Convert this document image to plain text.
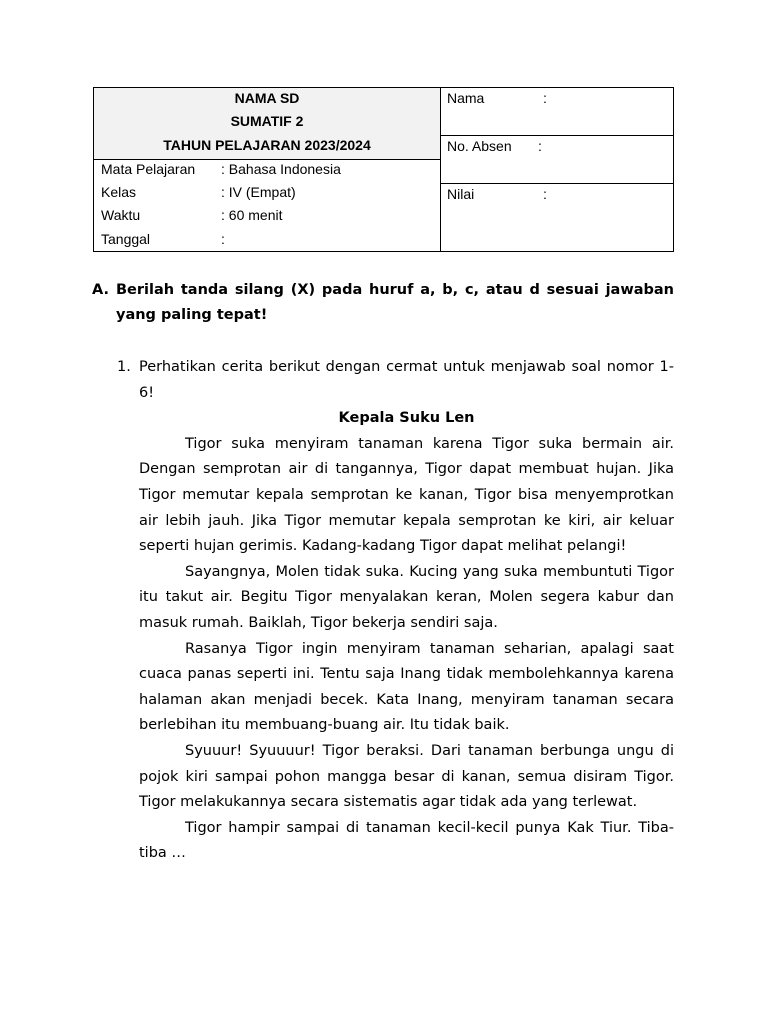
NAMA SD
SUMATIF 2
TAHUN PELAJARAN 2023/2024
Mata Pelajaran : Bahasa Indonesia
Kelas	: IV (Empat)
Waktu	: 60 menit
Tanggal	:
Nama	:
No. Absen :
Nilai	:
A. Berilah tanda silang (X) pada huruf a, b, c, atau d sesuai jawaban yang paling tepat!
1. Perhatikan cerita berikut dengan cermat untuk menjawab soal nomor 1-6!

Kepala Suku Len

Tigor suka menyiram tanaman karena Tigor suka bermain air. Dengan semprotan air di tangannya, Tigor dapat membuat hujan. Jika Tigor memutar kepala semprotan ke kanan, Tigor bisa menyemprotkan air lebih jauh. Jika Tigor memutar kepala semprotan ke kiri, air keluar seperti hujan gerimis. Kadang-kadang Tigor dapat melihat pelangi!

Sayangnya, Molen tidak suka. Kucing yang suka membuntuti Tigor itu takut air. Begitu Tigor menyalakan keran, Molen segera kabur dan masuk rumah. Baiklah, Tigor bekerja sendiri saja.

Rasanya Tigor ingin menyiram tanaman seharian, apalagi saat cuaca panas seperti ini. Tentu saja Inang tidak membolehkannya karena halaman akan menjadi becek. Kata Inang, menyiram tanaman secara berlebihan itu membuang-buang air. Itu tidak baik.

Syuuur! Syuuuur! Tigor beraksi. Dari tanaman berbunga ungu di pojok kiri sampai pohon mangga besar di kanan, semua disiram Tigor. Tigor melakukannya secara sistematis agar tidak ada yang terlewat.

Tigor hampir sampai di tanaman kecil-kecil punya Kak Tiur. Tiba-tiba …
